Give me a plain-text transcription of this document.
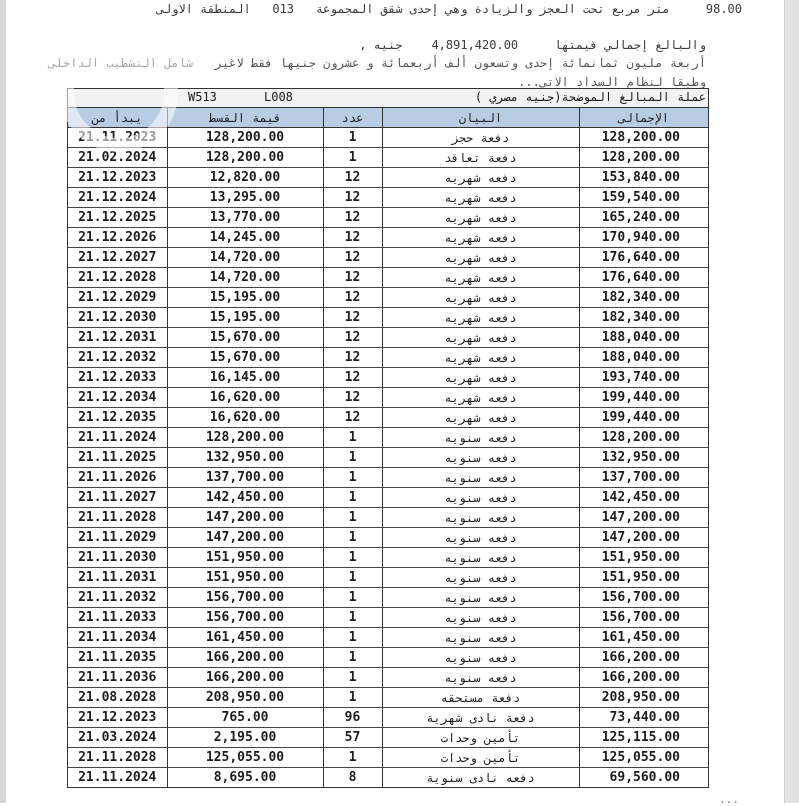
98.00     متر مربع تحت العجز والزيادة وهي إحدى شقق المجموعة   013   المنطقة الاولى
والبالغ إجمالي قيمتها     4,891,420.00    جنيه ,
أربعة مليون ثمانمائة إحدى وتسعون ألف أربعمائة و عشرون جنيها فقط لاغير   شامل التشطيب الداخلى
وطبقا لنظام السداد الاتى...
W513	L008	عملة المبالغ الموضحة(جنيه مصري )
يبدأ من	قيمة القسط	عدد	البيان	الإجمالى
21.11.2023	128,200.00	1	دفعة حجز	128,200.00
21.02.2024	128,200.00	1	دفعة تعاقد	128,200.00
21.12.2023	12,820.00	12	دفعه شهريه	153,840.00
21.12.2024	13,295.00	12	دفعه شهريه	159,540.00
21.12.2025	13,770.00	12	دفعه شهريه	165,240.00
21.12.2026	14,245.00	12	دفعه شهريه	170,940.00
21.12.2027	14,720.00	12	دفعه شهريه	176,640.00
21.12.2028	14,720.00	12	دفعه شهريه	176,640.00
21.12.2029	15,195.00	12	دفعه شهريه	182,340.00
21.12.2030	15,195.00	12	دفعه شهريه	182,340.00
21.12.2031	15,670.00	12	دفعه شهريه	188,040.00
21.12.2032	15,670.00	12	دفعه شهريه	188,040.00
21.12.2033	16,145.00	12	دفعه شهريه	193,740.00
21.12.2034	16,620.00	12	دفعه شهريه	199,440.00
21.12.2035	16,620.00	12	دفعه شهريه	199,440.00
21.11.2024	128,200.00	1	دفعه سنويه	128,200.00
21.11.2025	132,950.00	1	دفعه سنويه	132,950.00
21.11.2026	137,700.00	1	دفعه سنويه	137,700.00
21.11.2027	142,450.00	1	دفعه سنويه	142,450.00
21.11.2028	147,200.00	1	دفعه سنويه	147,200.00
21.11.2029	147,200.00	1	دفعه سنويه	147,200.00
21.11.2030	151,950.00	1	دفعه سنويه	151,950.00
21.11.2031	151,950.00	1	دفعه سنويه	151,950.00
21.11.2032	156,700.00	1	دفعه سنويه	156,700.00
21.11.2033	156,700.00	1	دفعه سنويه	156,700.00
21.11.2034	161,450.00	1	دفعه سنويه	161,450.00
21.11.2035	166,200.00	1	دفعه سنويه	166,200.00
21.11.2036	166,200.00	1	دفعه سنويه	166,200.00
21.08.2028	208,950.00	1	دفعة مستحقه	208,950.00
21.12.2023	765.00	96	دفعة نادى شهرية	73,440.00
21.03.2024	2,195.00	57	تأمين وحدات	125,115.00
21.11.2028	125,055.00	1	تأمين وحدات	125,055.00
21.11.2024	8,695.00	8	دفعه نادى سنوية	69,560.00
...
